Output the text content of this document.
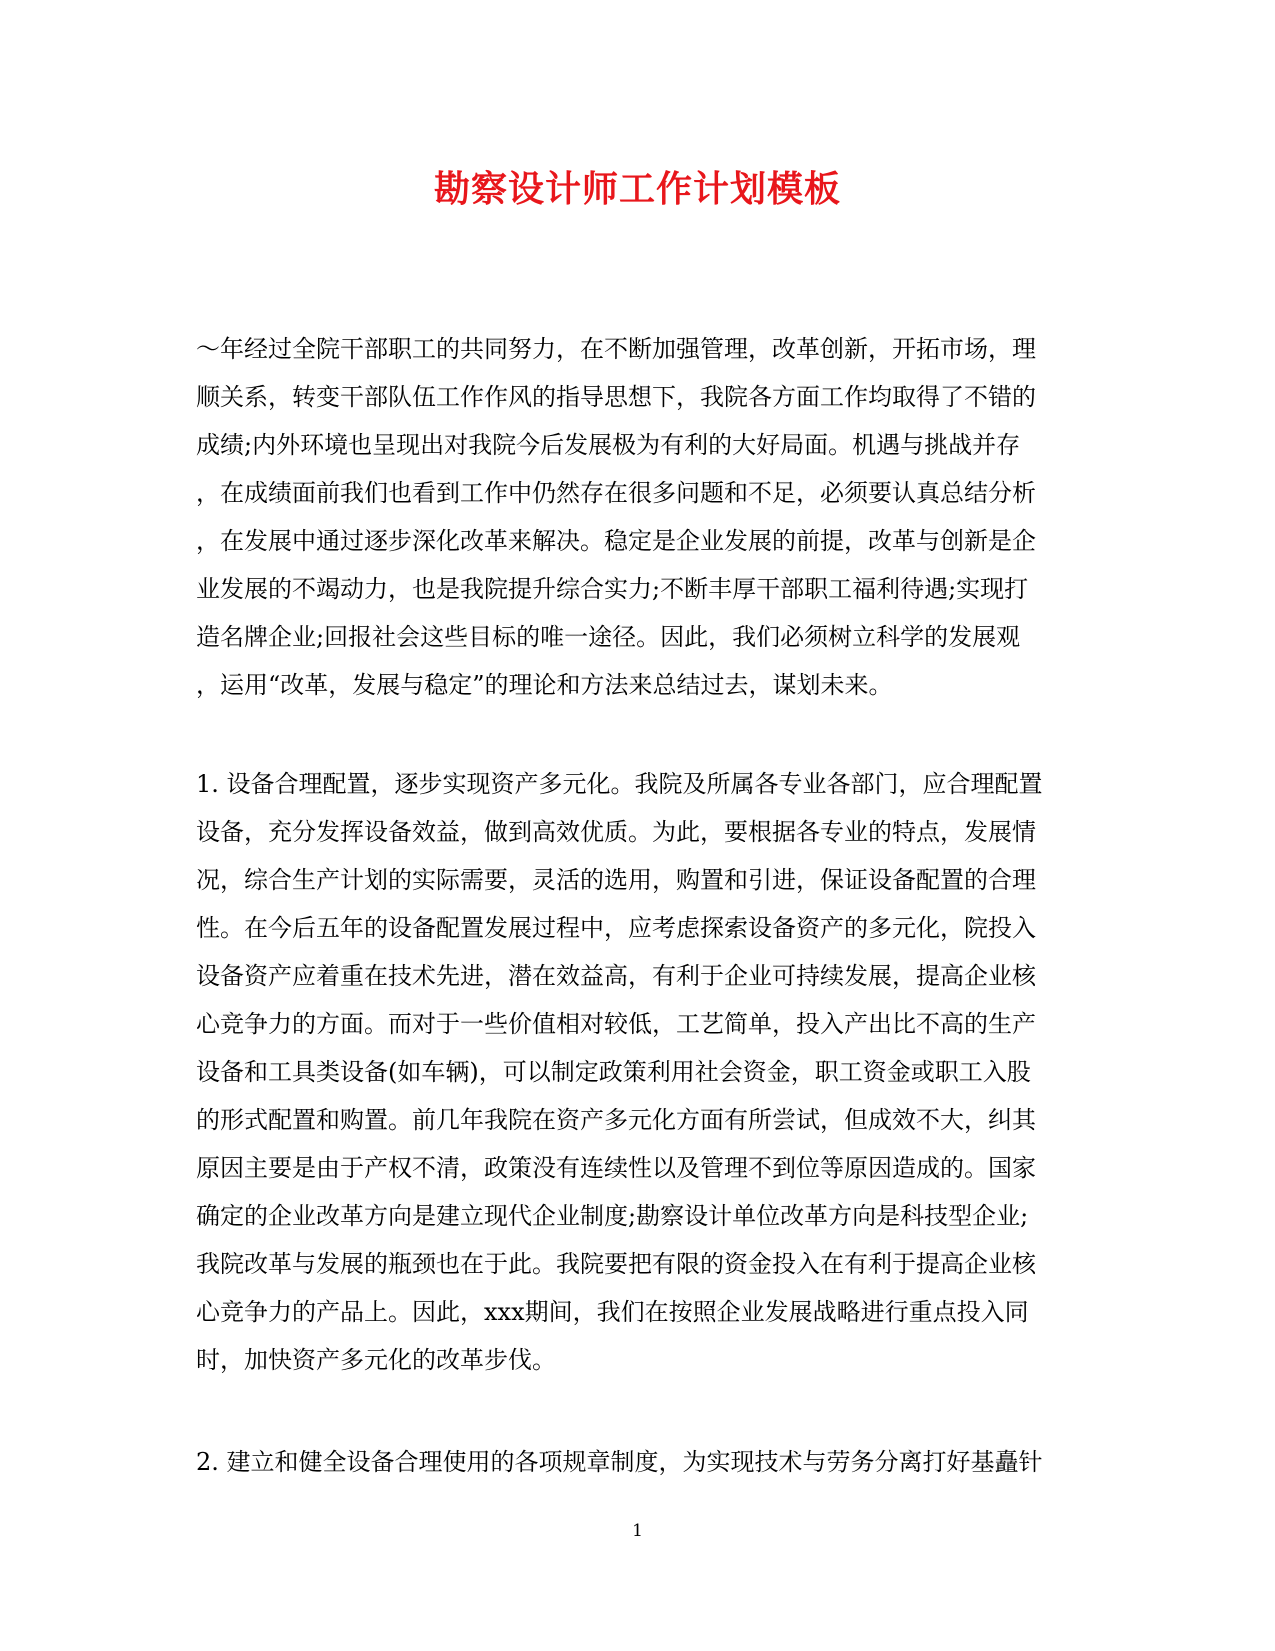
勘察设计师工作计划模板
～年经过全院干部职工的共同努力，在不断加强管理，改革创新，开拓市场，理
顺关系，转变干部队伍工作作风的指导思想下，我院各方面工作均取得了不错的
成绩;内外环境也呈现出对我院今后发展极为有利的大好局面。机遇与挑战并存
，在成绩面前我们也看到工作中仍然存在很多问题和不足，必须要认真总结分析
，在发展中通过逐步深化改革来解决。稳定是企业发展的前提，改革与创新是企
业发展的不竭动力，也是我院提升综合实力;不断丰厚干部职工福利待遇;实现打
造名牌企业;回报社会这些目标的唯一途径。因此，我们必须树立科学的发展观
，运用“改革，发展与稳定”的理论和方法来总结过去，谋划未来。
1. 设备合理配置，逐步实现资产多元化。我院及所属各专业各部门，应合理配置
设备，充分发挥设备效益，做到高效优质。为此，要根据各专业的特点，发展情
况，综合生产计划的实际需要，灵活的选用，购置和引进，保证设备配置的合理
性。在今后五年的设备配置发展过程中，应考虑探索设备资产的多元化，院投入
设备资产应着重在技术先进，潜在效益高，有利于企业可持续发展，提高企业核
心竞争力的方面。而对于一些价值相对较低，工艺简单，投入产出比不高的生产
设备和工具类设备(如车辆)，可以制定政策利用社会资金，职工资金或职工入股
的形式配置和购置。前几年我院在资产多元化方面有所尝试，但成效不大，纠其
原因主要是由于产权不清，政策没有连续性以及管理不到位等原因造成的。国家
确定的企业改革方向是建立现代企业制度;勘察设计单位改革方向是科技型企业;
我院改革与发展的瓶颈也在于此。我院要把有限的资金投入在有利于提高企业核
心竞争力的产品上。因此，xxx期间，我们在按照企业发展战略进行重点投入同
时，加快资产多元化的改革步伐。
2. 建立和健全设备合理使用的各项规章制度，为实现技术与劳务分离打好基矗针
1
